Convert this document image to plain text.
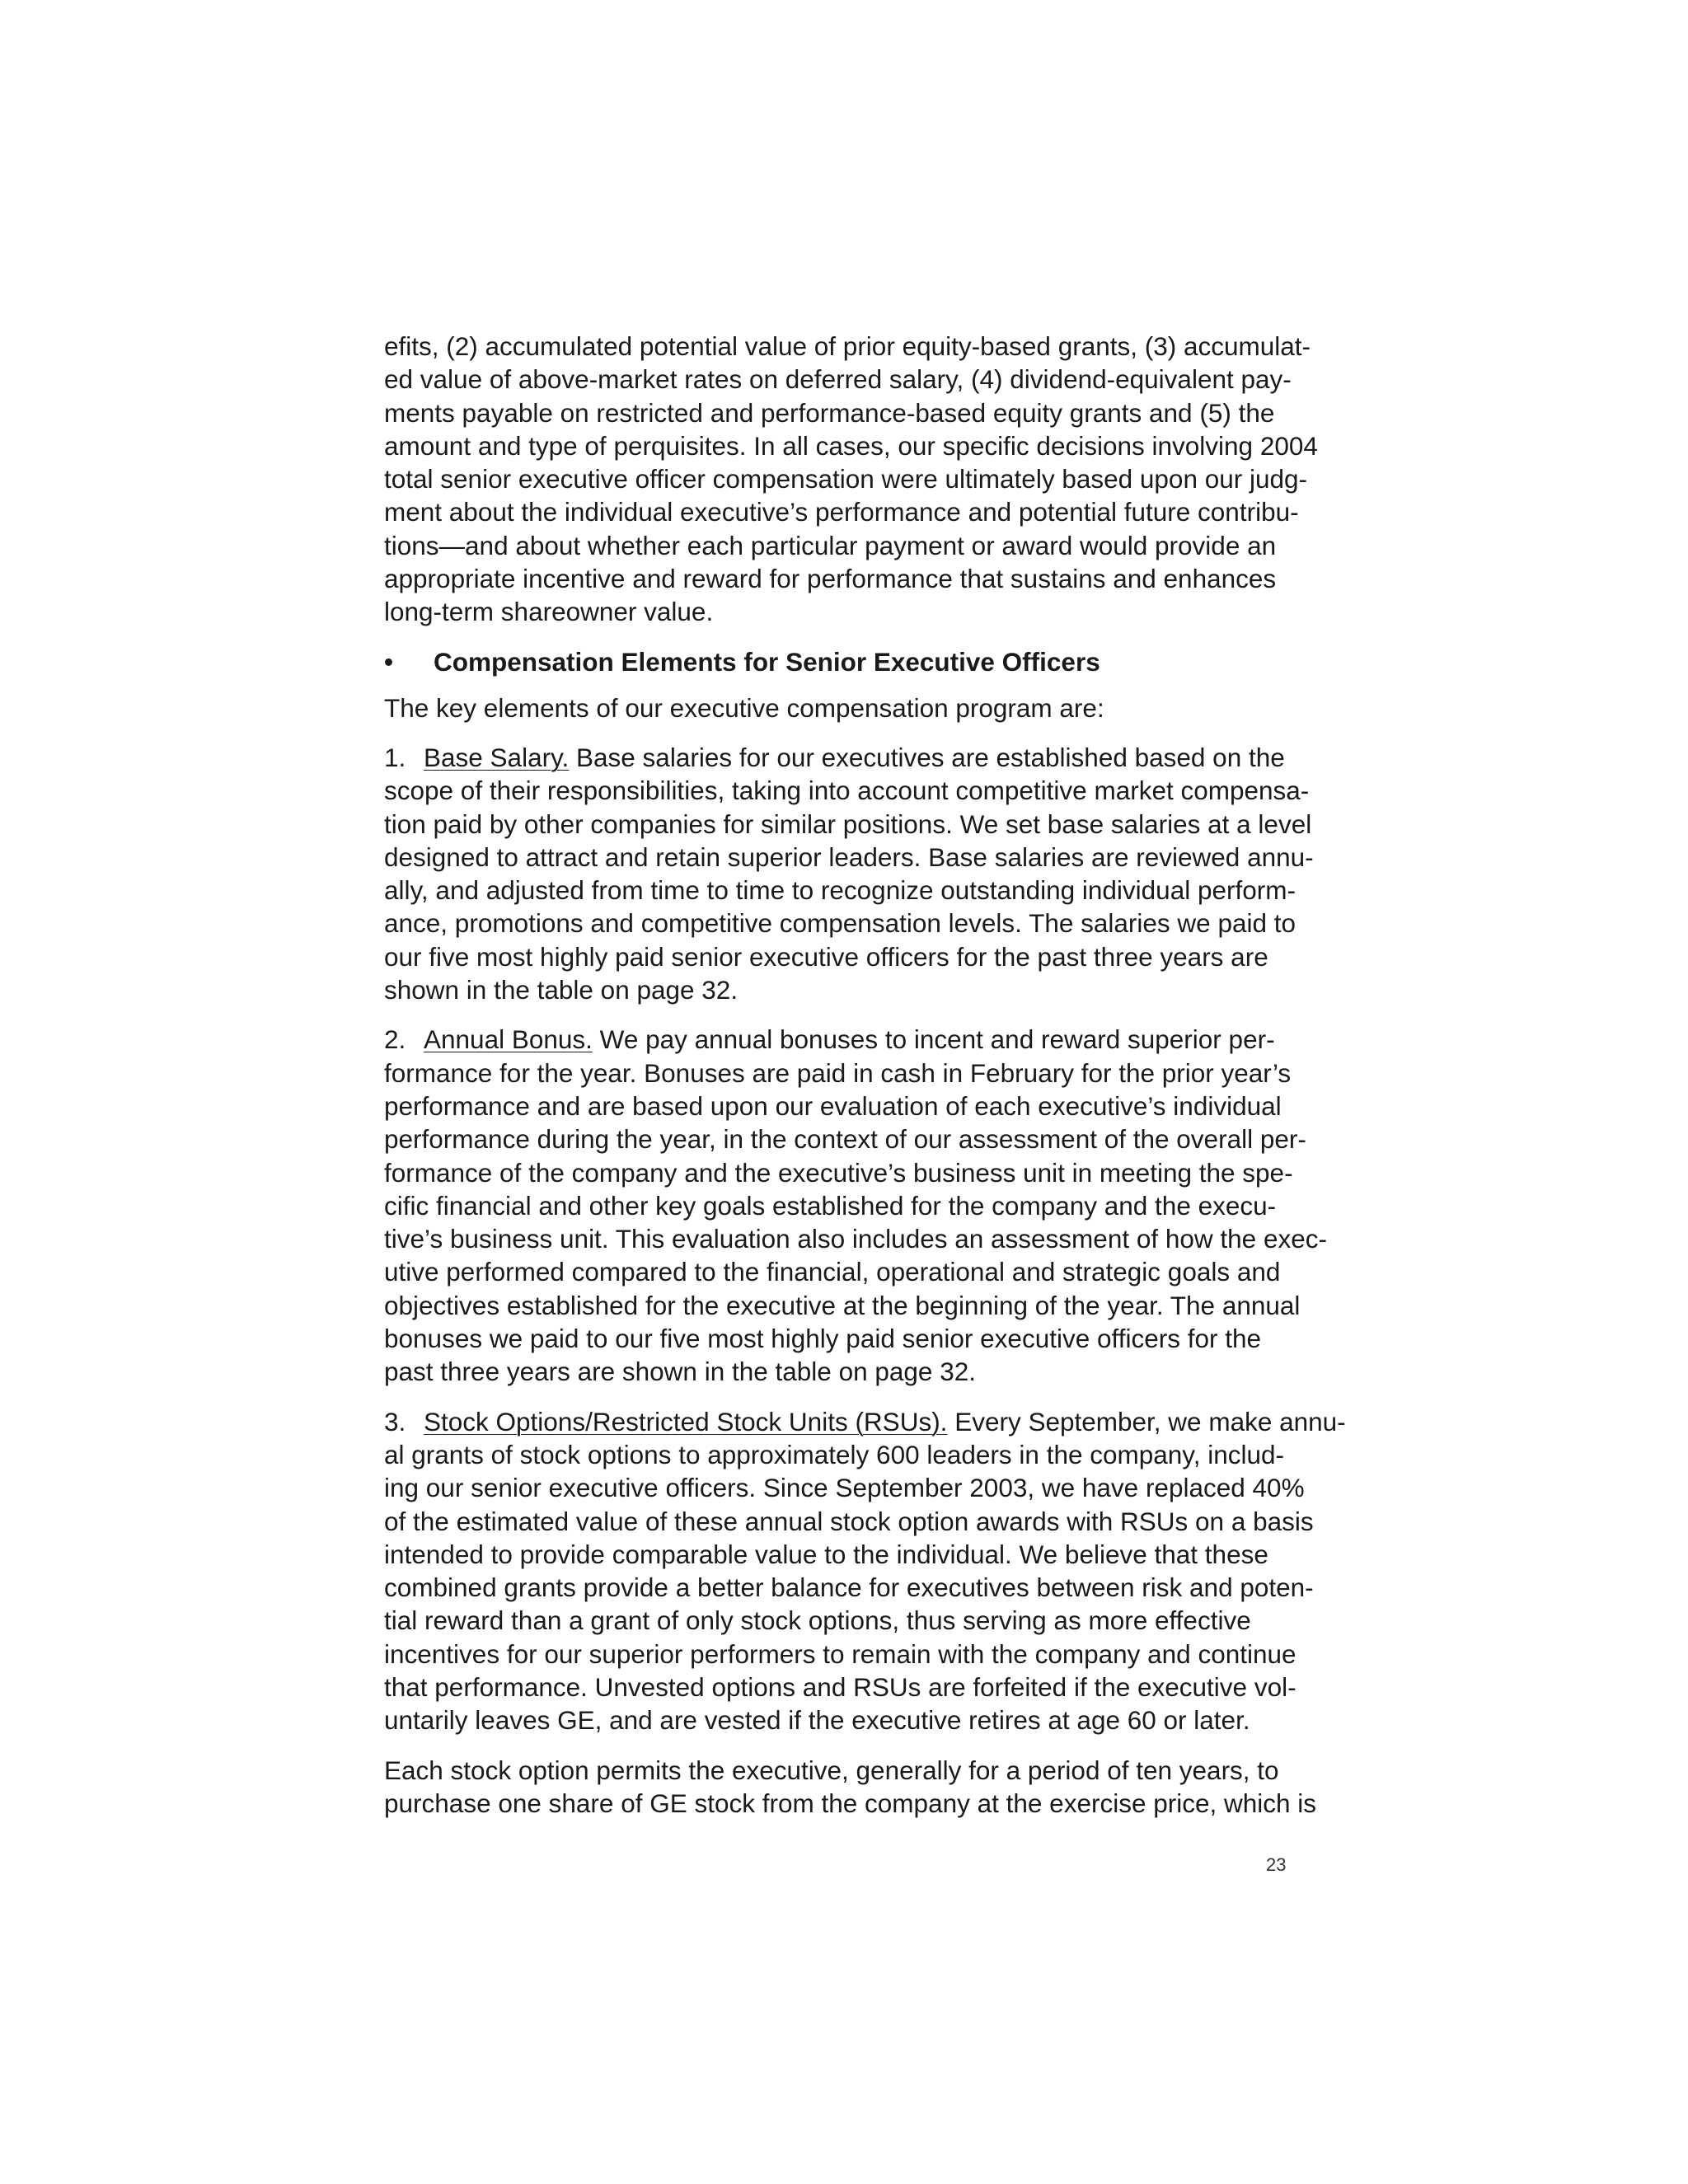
efits, (2) accumulated potential value of prior equity-based grants, (3) accumulat-
ed value of above-market rates on deferred salary, (4) dividend-equivalent pay-
ments payable on restricted and performance-based equity grants and (5) the
amount and type of perquisites. In all cases, our specific decisions involving 2004
total senior executive officer compensation were ultimately based upon our judg-
ment about the individual executive’s performance and potential future contribu-
tions—and about whether each particular payment or award would provide an
appropriate incentive and reward for performance that sustains and enhances
long-term shareowner value.
• Compensation Elements for Senior Executive Officers
The key elements of our executive compensation program are:
1. Base Salary. Base salaries for our executives are established based on the
scope of their responsibilities, taking into account competitive market compensa-
tion paid by other companies for similar positions. We set base salaries at a level
designed to attract and retain superior leaders. Base salaries are reviewed annu-
ally, and adjusted from time to time to recognize outstanding individual perform-
ance, promotions and competitive compensation levels. The salaries we paid to
our five most highly paid senior executive officers for the past three years are
shown in the table on page 32.
2. Annual Bonus. We pay annual bonuses to incent and reward superior per-
formance for the year. Bonuses are paid in cash in February for the prior year’s
performance and are based upon our evaluation of each executive’s individual
performance during the year, in the context of our assessment of the overall per-
formance of the company and the executive’s business unit in meeting the spe-
cific financial and other key goals established for the company and the execu-
tive’s business unit. This evaluation also includes an assessment of how the exec-
utive performed compared to the financial, operational and strategic goals and
objectives established for the executive at the beginning of the year. The annual
bonuses we paid to our five most highly paid senior executive officers for the
past three years are shown in the table on page 32.
3. Stock Options/Restricted Stock Units (RSUs). Every September, we make annu-
al grants of stock options to approximately 600 leaders in the company, includ-
ing our senior executive officers. Since September 2003, we have replaced 40%
of the estimated value of these annual stock option awards with RSUs on a basis
intended to provide comparable value to the individual. We believe that these
combined grants provide a better balance for executives between risk and poten-
tial reward than a grant of only stock options, thus serving as more effective
incentives for our superior performers to remain with the company and continue
that performance. Unvested options and RSUs are forfeited if the executive vol-
untarily leaves GE, and are vested if the executive retires at age 60 or later.
Each stock option permits the executive, generally for a period of ten years, to
purchase one share of GE stock from the company at the exercise price, which is
23
